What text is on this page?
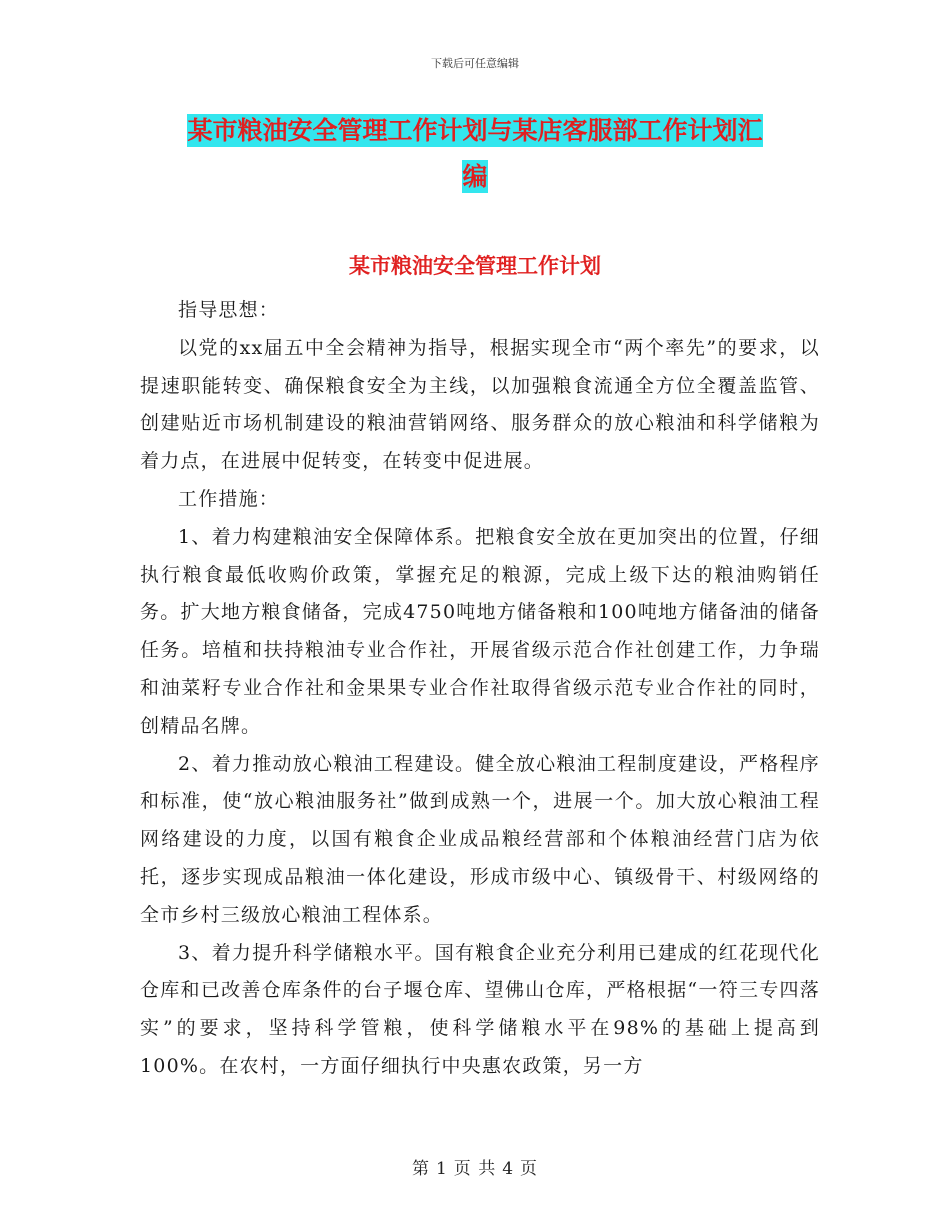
下载后可任意编辑
某市粮油安全管理工作计划与某店客服部工作计划汇
编
某市粮油安全管理工作计划

指导思想：

以党的xx届五中全会精神为指导，根据实现全市“两个率先”的要求，以提速职能转变、确保粮食安全为主线，以加强粮食流通全方位全覆盖监管、创建贴近市场机制建设的粮油营销网络、服务群众的放心粮油和科学储粮为着力点，在进展中促转变，在转变中促进展。

工作措施：

1、着力构建粮油安全保障体系。把粮食安全放在更加突出的位置，仔细执行粮食最低收购价政策，掌握充足的粮源，完成上级下达的粮油购销任务。扩大地方粮食储备，完成4750吨地方储备粮和100吨地方储备油的储备任务。培植和扶持粮油专业合作社，开展省级示范合作社创建工作，力争瑞和油菜籽专业合作社和金果果专业合作社取得省级示范专业合作社的同时，创精品名牌。

2、着力推动放心粮油工程建设。健全放心粮油工程制度建设，严格程序和标准，使“放心粮油服务社”做到成熟一个，进展一个。加大放心粮油工程网络建设的力度，以国有粮食企业成品粮经营部和个体粮油经营门店为依托，逐步实现成品粮油一体化建设，形成市级中心、镇级骨干、村级网络的全市乡村三级放心粮油工程体系。

3、着力提升科学储粮水平。国有粮食企业充分利用已建成的红花现代化仓库和已改善仓库条件的台子堰仓库、望佛山仓库，严格根据“一符三专四落实”的要求，坚持科学管粮，使科学储粮水平在98%的基础上提高到100%。在农村，一方面仔细执行中央惠农政策，另一方

第 1 页 共 4 页
